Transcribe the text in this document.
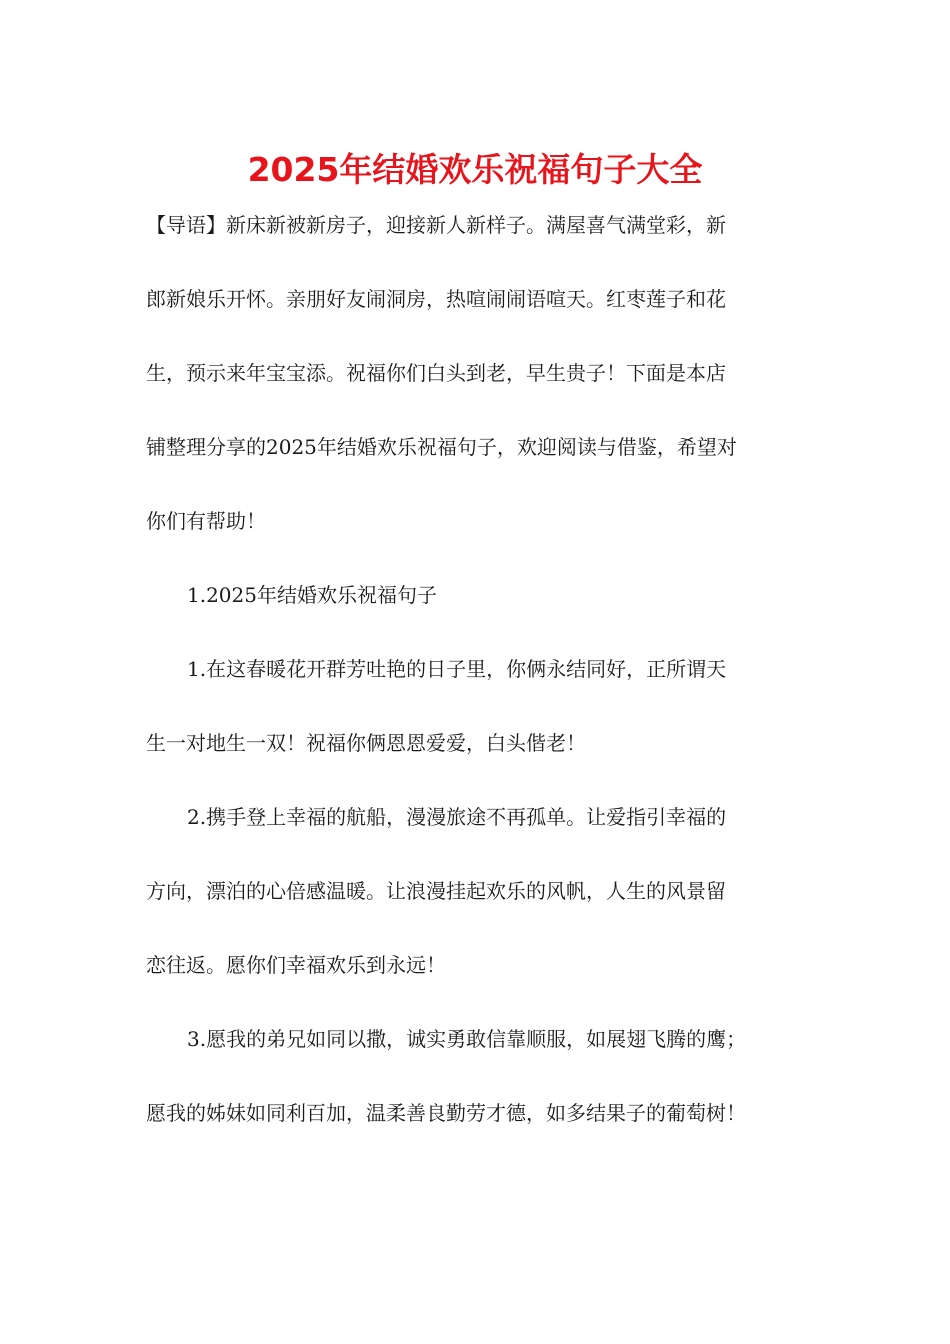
2025年结婚欢乐祝福句子大全
【导语】新床新被新房子，迎接新人新样子。满屋喜气满堂彩，新
郎新娘乐开怀。亲朋好友闹洞房，热喧闹闹语喧天。红枣莲子和花
生，预示来年宝宝添。祝福你们白头到老，早生贵子！下面是本店
铺整理分享的2025年结婚欢乐祝福句子，欢迎阅读与借鉴，希望对
你们有帮助！
1.2025年结婚欢乐祝福句子
1.在这春暖花开群芳吐艳的日子里，你俩永结同好，正所谓天
生一对地生一双！祝福你俩恩恩爱爱，白头偕老！
2.携手登上幸福的航船，漫漫旅途不再孤单。让爱指引幸福的
方向，漂泊的心倍感温暖。让浪漫挂起欢乐的风帆，人生的风景留
恋往返。愿你们幸福欢乐到永远！
3.愿我的弟兄如同以撒，诚实勇敢信靠顺服，如展翅飞腾的鹰；
愿我的姊妹如同利百加，温柔善良勤劳才德，如多结果子的葡萄树！
